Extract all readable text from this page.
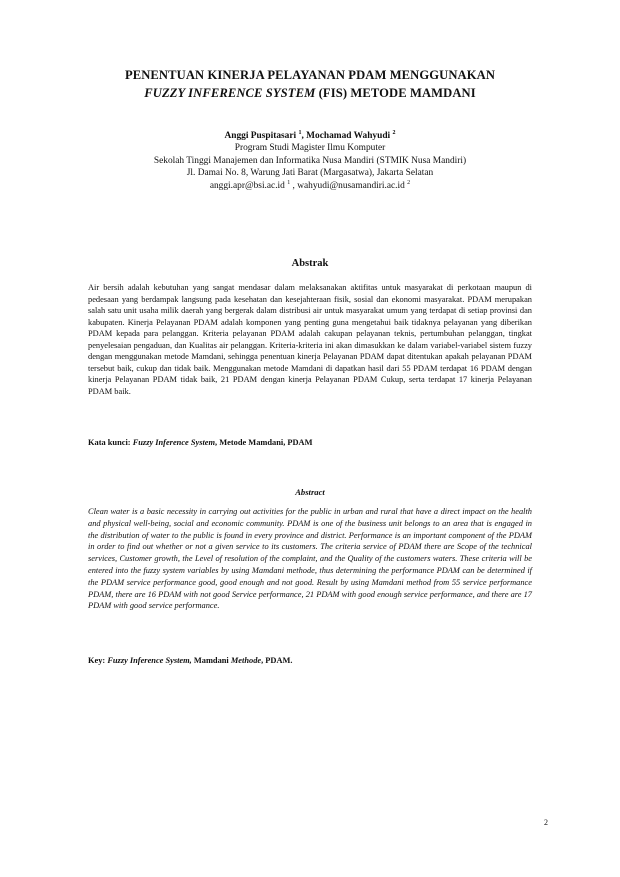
PENENTUAN KINERJA PELAYANAN PDAM MENGGUNAKAN
FUZZY INFERENCE SYSTEM (FIS) METODE MAMDANI
Anggi Puspitasari $^1$, Mochamad Wahyudi $^2$
Program Studi Magister Ilmu Komputer
Sekolah Tinggi Manajemen dan Informatika Nusa Mandiri (STMIK Nusa Mandiri)
Jl. Damai No. 8, Warung Jati Barat (Margasatwa), Jakarta Selatan
anggi.apr@bsi.ac.id $^1$ , wahyudi@nusamandiri.ac.id $^2$
Abstrak

Air bersih adalah kebutuhan yang sangat mendasar dalam melaksanakan aktifitas untuk masyarakat di perkotaan maupun di pedesaan yang berdampak langsung pada kesehatan dan kesejahteraan fisik, sosial dan ekonomi masyarakat. PDAM merupakan salah satu unit usaha milik daerah yang bergerak dalam distribusi air untuk masyarakat umum yang terdapat di setiap provinsi dan kabupaten. Kinerja Pelayanan PDAM adalah komponen yang penting guna mengetahui baik tidaknya pelayanan yang diberikan PDAM kepada para pelanggan. Kriteria pelayanan PDAM adalah cakupan pelayanan teknis, pertumbuhan pelanggan, tingkat penyelesaian pengaduan, dan Kualitas air pelanggan. Kriteria-kriteria ini akan dimasukkan ke dalam variabel-variabel sistem fuzzy dengan menggunakan metode Mamdani, sehingga penentuan kinerja Pelayanan PDAM dapat ditentukan apakah pelayanan PDAM tersebut baik, cukup dan tidak baik. Menggunakan metode Mamdani di dapatkan hasil dari 55 PDAM terdapat 16 PDAM dengan kinerja Pelayanan PDAM tidak baik, 21 PDAM dengan kinerja Pelayanan PDAM Cukup, serta terdapat 17 kinerja Pelayanan PDAM baik.

Kata kunci: Fuzzy Inference System, Metode Mamdani, PDAM
Abstract

Clean water is a basic necessity in carrying out activities for the public in urban and rural that have a direct impact on the health and physical well-being, social and economic community. PDAM is one of the business unit belongs to an area that is engaged in the distribution of water to the public is found in every province and district. Performance is an important component of the PDAM in order to find out whether or not a given service to its customers. The criteria service of PDAM there are Scope of the technical services, Customer growth, the Level of resolution of the complaint, and the Quality of the customers waters. These criteria will be entered into the fuzzy system variables by using Mamdani methode, thus determining the performance PDAM can be determined if the PDAM service performance good, good enough and not good. Result by using Mamdani method from 55 service performance PDAM, there are 16 PDAM with not good Service performance, 21 PDAM with good enough service performance, and there are 17 PDAM with good service performance.

Key: Fuzzy Inference System, Mamdani Methode, PDAM.
2
